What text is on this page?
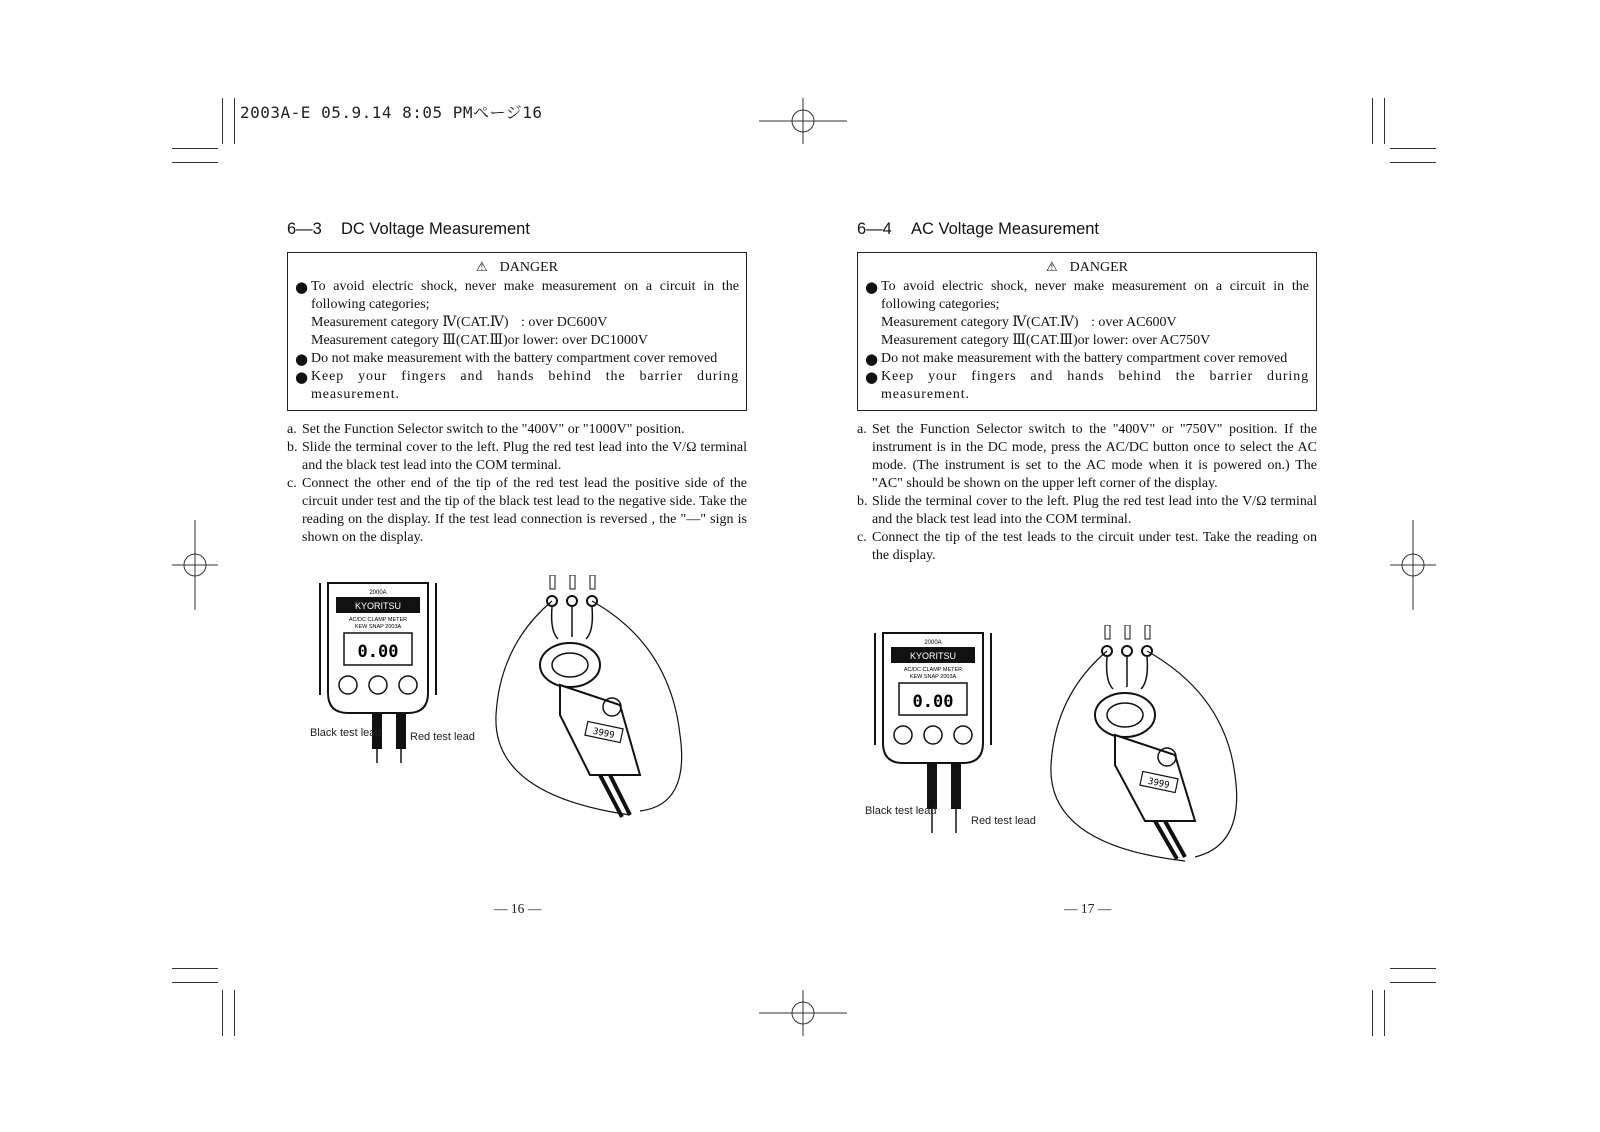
2003A-E 05.9.14 8:05 PMページ16
6—3 DC Voltage Measurement
⚠ DANGER
● To avoid electric shock, never make measurement on a circuit in the following categories;
Measurement category Ⅳ(CAT.Ⅳ) : over DC600V
Measurement category Ⅲ(CAT.Ⅲ)or lower:
over DC1000V
● Do not make measurement with the battery compartment cover removed
● Keep your fingers and hands behind the barrier during measurement.
a. Set the Function Selector switch to the "400V" or "1000V" position.
b. Slide the terminal cover to the left. Plug the red test lead into the V/Ω terminal and the black test lead into the COM terminal.
c. Connect the other end of the tip of the red test lead the positive side of the circuit under test and the tip of the black test lead to the negative side. Take the reading on the display. If the test lead connection is reversed , the "—" sign is shown on the display.
KYORITSU
2000A
AC/DC CLAMP METER
KEW SNAP 2003A
0.00
3999
Black test lead	Red test lead
— 16 —
6—4 AC Voltage Measurement
⚠ DANGER
● To avoid electric shock, never make measurement on a circuit in the following categories;
Measurement category Ⅳ(CAT.Ⅳ) : over AC600V
Measurement category Ⅲ(CAT.Ⅲ)or lower:
over AC750V
● Do not make measurement with the battery compartment cover removed
● Keep your fingers and hands behind the barrier during measurement.
a. Set the Function Selector switch to the "400V" or "750V" position. If the instrument is in the DC mode, press the AC/DC button once to select the AC mode. (The instrument is set to the AC mode when it is powered on.) The "AC" should be shown on the upper left corner of the display.
b. Slide the terminal cover to the left. Plug the red test lead into the V/Ω terminal and the black test lead into the COM terminal.
c. Connect the tip of the test leads to the circuit under test. Take the reading on the display.
KYORITSU
2000A
AC/DC CLAMP METER
KEW SNAP 2003A
0.00
3999
Black test lead
Red test lead
— 17 —
